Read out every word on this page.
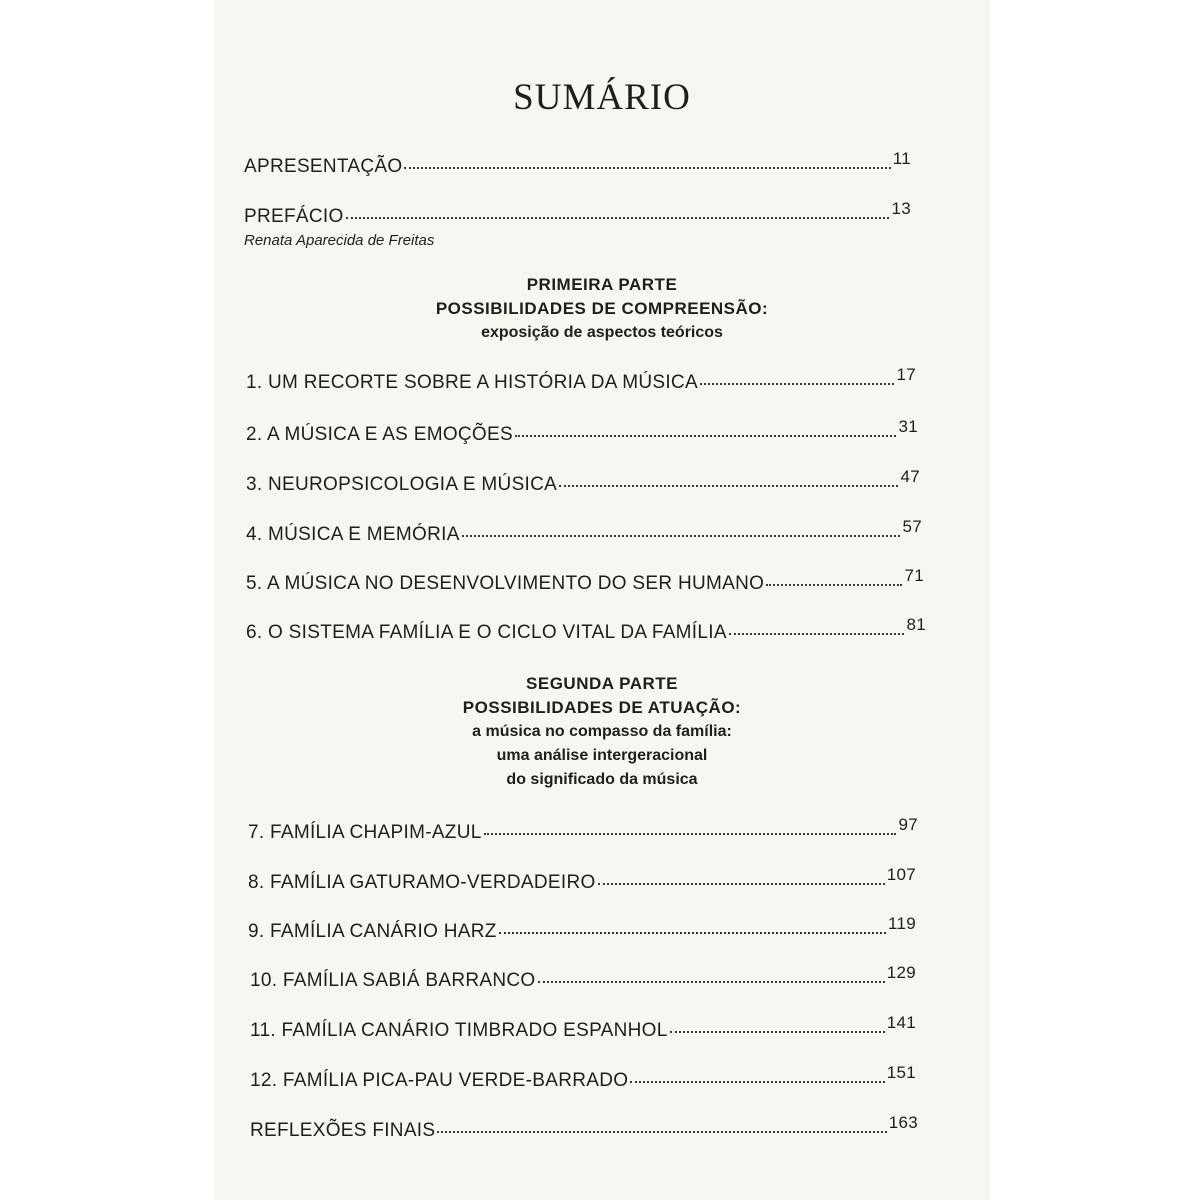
SUMÁRIO
APRESENTAÇÃO	11
PREFÁCIO	13
Renata Aparecida de Freitas
PRIMEIRA PARTE
POSSIBILIDADES DE COMPREENSÃO:
exposição de aspectos teóricos
1. UM RECORTE SOBRE A HISTÓRIA DA MÚSICA	17
2. A MÚSICA E AS EMOÇÕES	31
3. NEUROPSICOLOGIA E MÚSICA	47
4. MÚSICA E MEMÓRIA	57
5. A MÚSICA NO DESENVOLVIMENTO DO SER HUMANO	71
6. O SISTEMA FAMÍLIA E O CICLO VITAL DA FAMÍLIA	81
SEGUNDA PARTE
POSSIBILIDADES DE ATUAÇÃO:
a música no compasso da família:
uma análise intergeracional
do significado da música
7. FAMÍLIA CHAPIM-AZUL	97
8. FAMÍLIA GATURAMO-VERDADEIRO	107
9. FAMÍLIA CANÁRIO HARZ	119
10. FAMÍLIA SABIÁ BARRANCO	129
11. FAMÍLIA CANÁRIO TIMBRADO ESPANHOL	141
12. FAMÍLIA PICA-PAU VERDE-BARRADO	151
REFLEXÕES FINAIS	163
